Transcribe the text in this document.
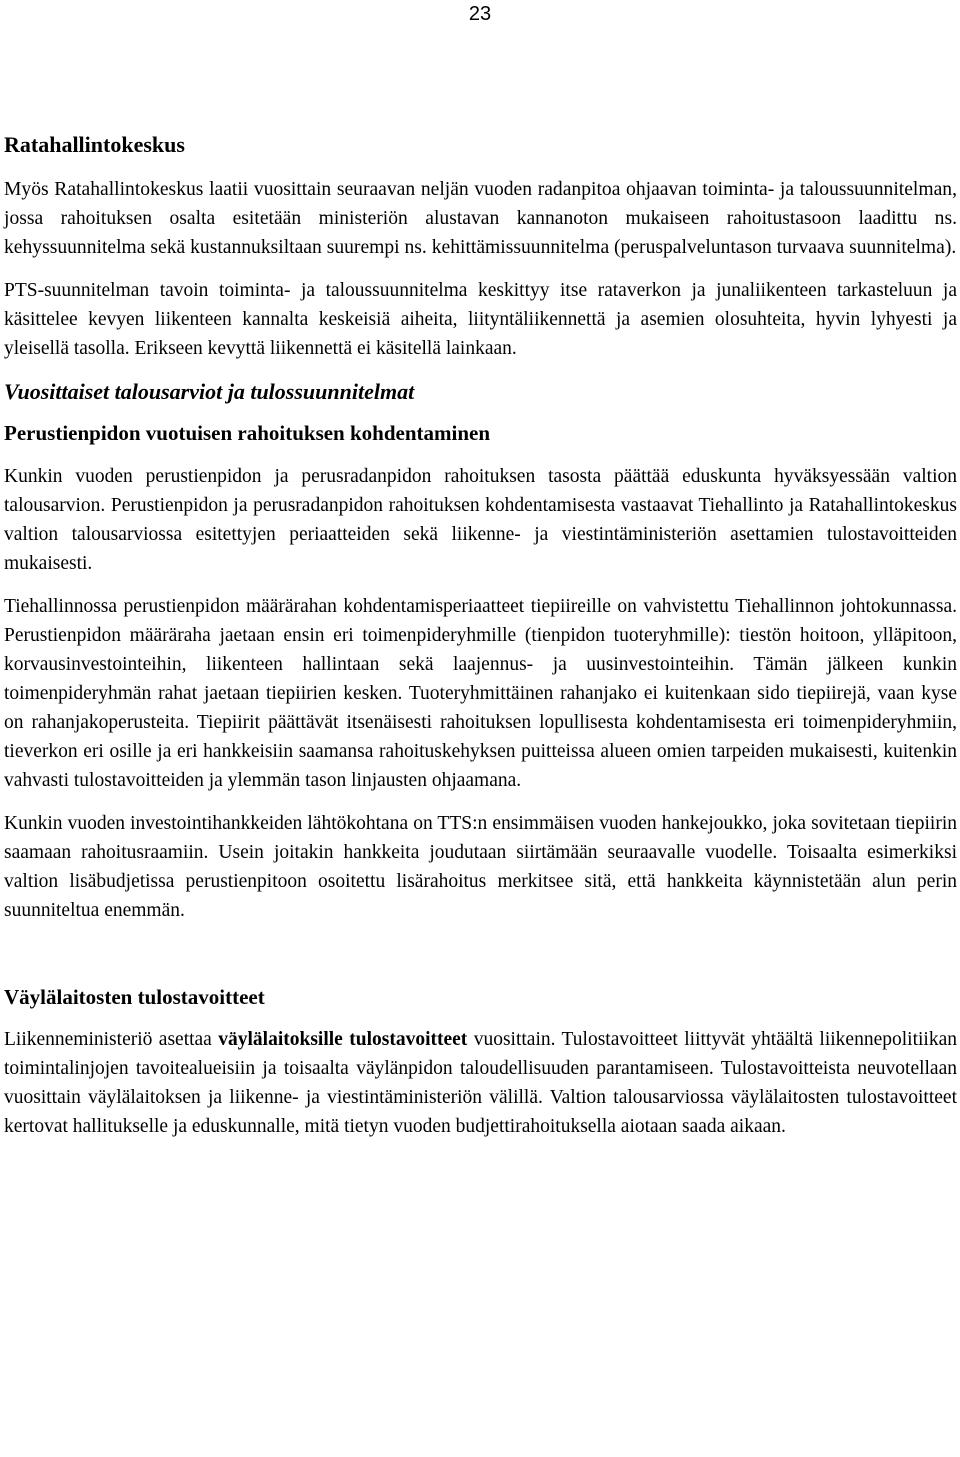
23
Ratahallintokeskus

Myös Ratahallintokeskus laatii vuosittain seuraavan neljän vuoden radanpitoa ohjaavan toiminta- ja taloussuunnitelman, jossa rahoituksen osalta esitetään ministeriön alustavan kannanoton mukaiseen rahoitustasoon laadittu ns. kehyssuunnitelma sekä kustannuksiltaan suurempi ns. kehittämissuunnitelma (peruspalveluntason turvaava suunnitelma).

PTS-suunnitelman tavoin toiminta- ja taloussuunnitelma keskittyy itse rataverkon ja junaliikenteen tarkasteluun ja käsittelee kevyen liikenteen kannalta keskeisiä aiheita, liityntäliikennettä ja asemien olosuhteita, hyvin lyhyesti ja yleisellä tasolla. Erikseen kevyttä liikennettä ei käsitellä lainkaan.

Vuosittaiset talousarviot ja tulossuunnitelmat
Perustienpidon vuotuisen rahoituksen kohdentaminen

Kunkin vuoden perustienpidon ja perusradanpidon rahoituksen tasosta päättää eduskunta hyväksyessään valtion talousarvion. Perustienpidon ja perusradanpidon rahoituksen kohdentamisesta vastaavat Tiehallinto ja Ratahallintokeskus valtion talousarviossa esitettyjen periaatteiden sekä liikenne- ja viestintäministeriön asettamien tulostavoitteiden mukaisesti.

Tiehallinnossa perustienpidon määrärahan kohdentamisperiaatteet tiepiireille on vahvistettu Tiehallinnon johtokunnassa. Perustienpidon määräraha jaetaan ensin eri toimenpideryhmille (tienpidon tuoteryhmille): tiestön hoitoon, ylläpitoon, korvausinvestointeihin, liikenteen hallintaan sekä laajennus- ja uusinvestointeihin. Tämän jälkeen kunkin toimenpideryhmän rahat jaetaan tiepiirien kesken. Tuoteryhmittäinen rahanjako ei kuitenkaan sido tiepiirejä, vaan kyse on rahanjakoperusteita. Tiepiirit päättävät itsenäisesti rahoituksen lopullisesta kohdentamisesta eri toimenpideryhmiin, tieverkon eri osille ja eri hankkeisiin saamansa rahoituskehyksen puitteissa alueen omien tarpeiden mukaisesti, kuitenkin vahvasti tulostavoitteiden ja ylemmän tason linjausten ohjaamana.

Kunkin vuoden investointihankkeiden lähtökohtana on TTS:n ensimmäisen vuoden hankejoukko, joka sovitetaan tiepiirin saamaan rahoitusraamiin. Usein joitakin hankkeita joudutaan siirtämään seuraavalle vuodelle. Toisaalta esimerkiksi valtion lisäbudjetissa perustienpitoon osoitettu lisärahoitus merkitsee sitä, että hankkeita käynnistetään alun perin suunniteltua enemmän.

Väylälaitosten tulostavoitteet

Liikenneministeriö asettaa väylälaitoksille tulostavoitteet vuosittain. Tulostavoitteet liittyvät yhtäältä liikennepolitiikan toimintalinjojen tavoitealueisiin ja toisaalta väylänpidon taloudellisuuden parantamiseen. Tulostavoitteista neuvotellaan vuosittain väylälaitoksen ja liikenne- ja viestintäministeriön välillä. Valtion talousarviossa väylälaitosten tulostavoitteet kertovat hallitukselle ja eduskunnalle, mitä tietyn vuoden budjettirahoituksella aiotaan saada aikaan.
